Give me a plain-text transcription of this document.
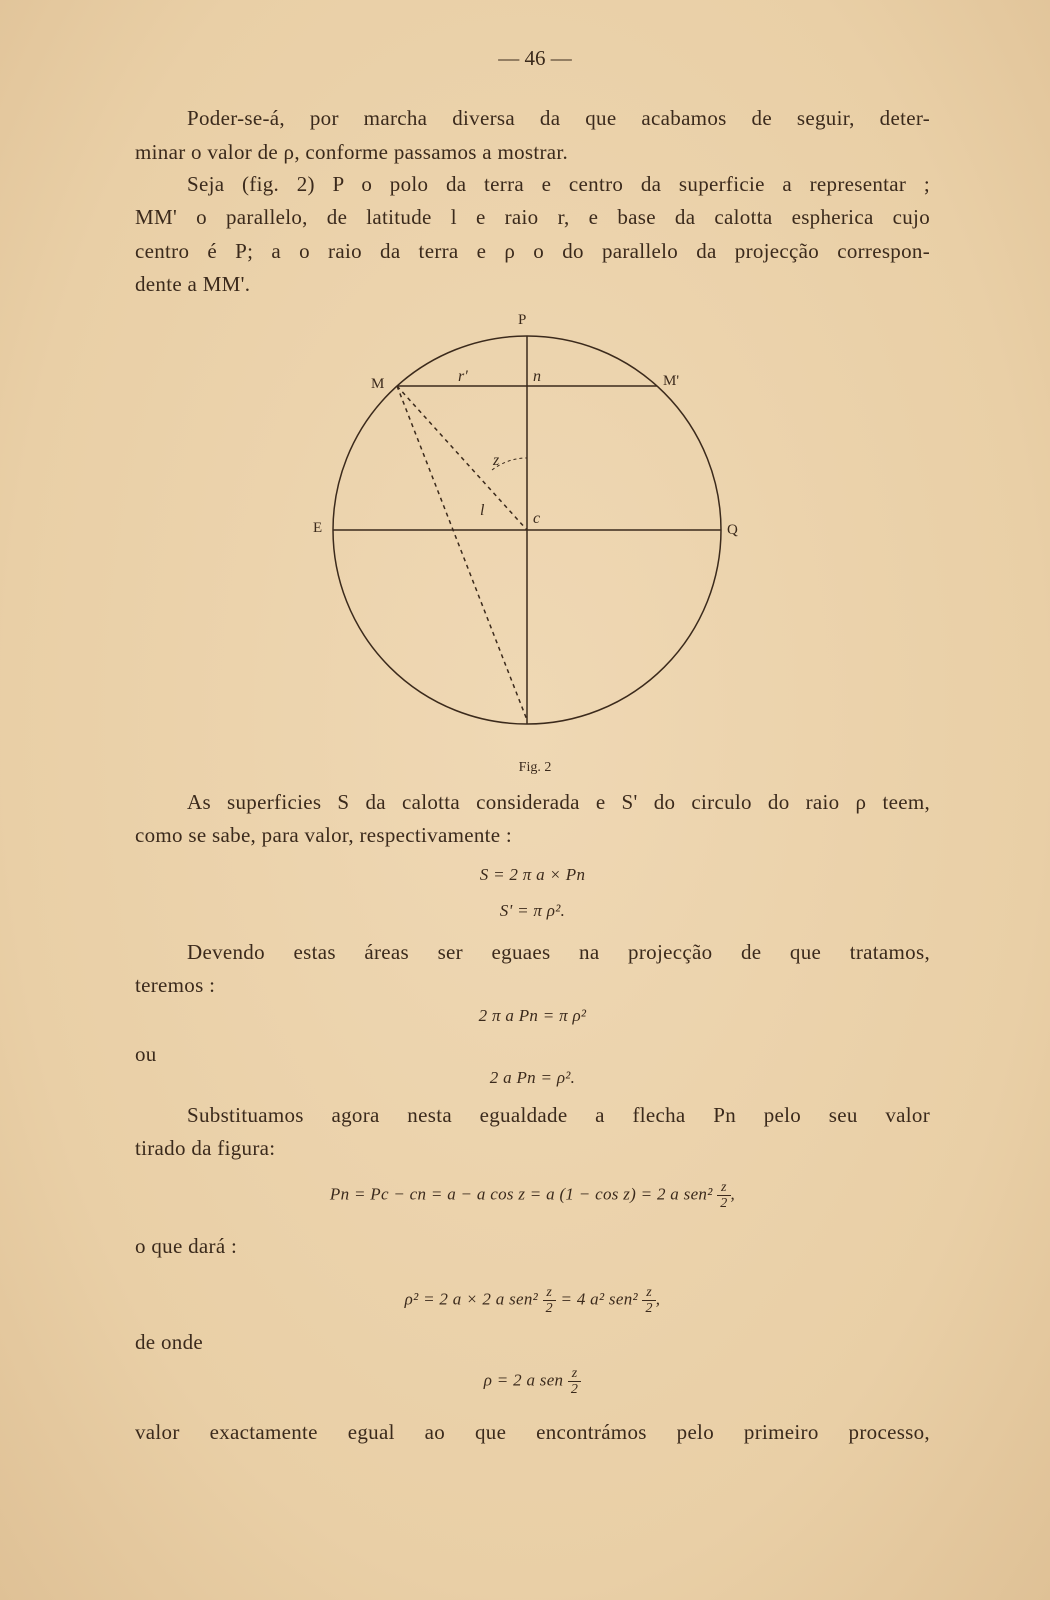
— 46 —
Poder-se-á, por marcha diversa da que acabamos de seguir, deter-
minar o valor de ρ, conforme passamos a mostrar.
Seja (fig. 2) P o polo da terra e centro da superficie a representar ;
MM' o parallelo, de latitude l e raio r, e base da calotta espherica cujo
centro é P; a o raio da terra e ρ o do parallelo da projecção correspon-
dente a MM'.
P
M	M'
E	Q
c
r'	n
z
l
Fig. 2
As superficies S da calotta considerada e S' do circulo do raio ρ teem,
como se sabe, para valor, respectivamente :
S = 2 π a × Pn
S' = π ρ².
Devendo estas áreas ser eguaes na projecção de que tratamos,
teremos :
2 π a Pn = π ρ²
ou
2 a Pn = ρ².
Substituamos agora nesta egualdade a flecha Pn pelo seu valor
tirado da figura:
Pn = Pc − cn = a − a cos z = a (1 − cos z) = 2 a $sen^2 \frac{z}{2}$,
o que dará :
ρ² = 2 a × 2 a $sen^2 \frac{z}{2} = 4$ a² $sen^2 \frac{z}{2}$,
de onde
ρ = 2 a sen $\frac{z}{2}$
valor exactamente egual ao que encontrámos pelo primeiro processo,
